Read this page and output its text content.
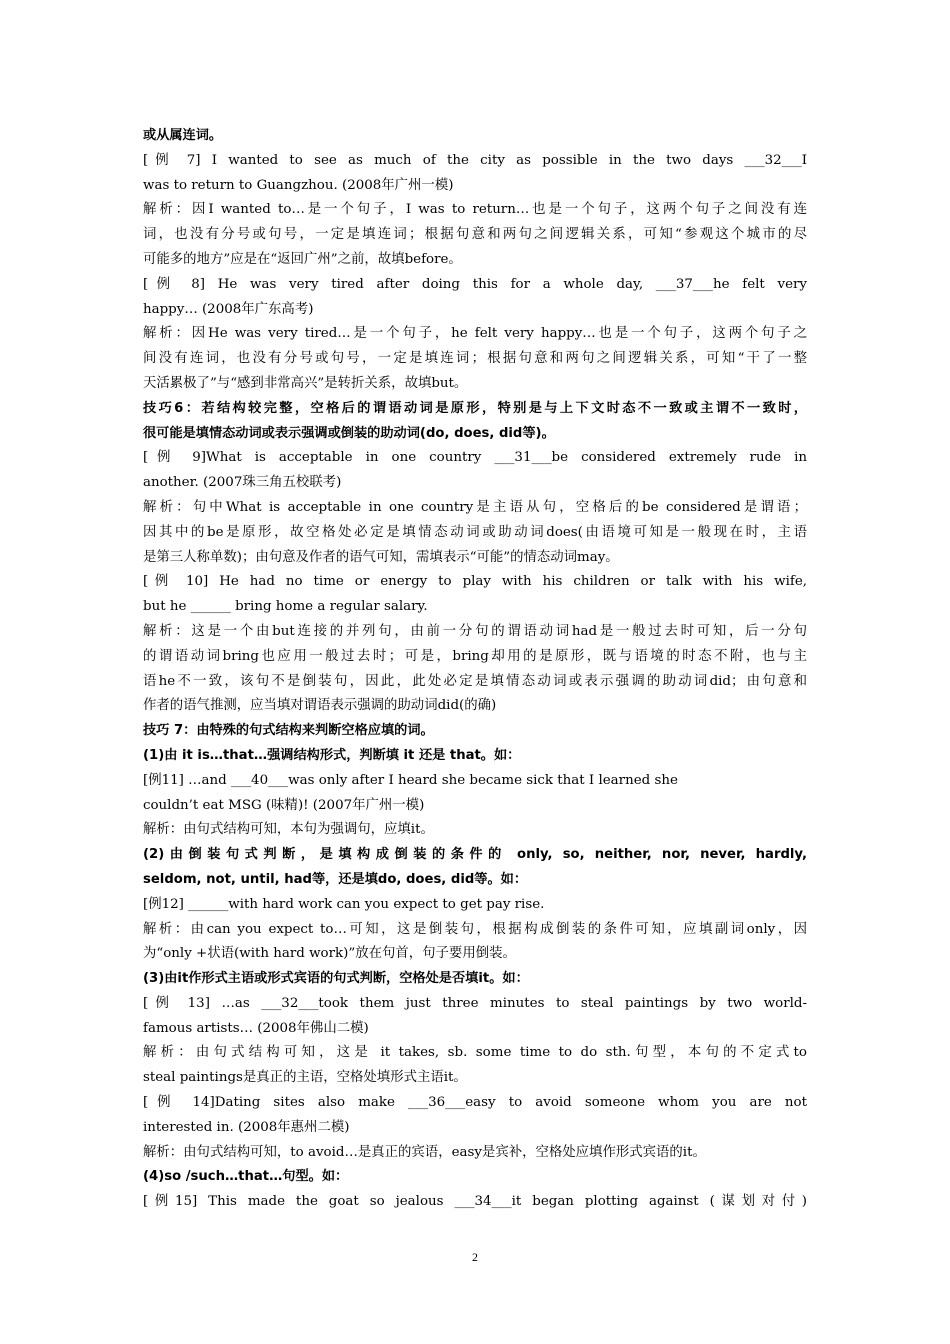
或从属连词。
[例 7] I wanted to see as much of the city as possible in the two days ___32___I
was to return to Guangzhou. (2008年广州一模)
解析：因I wanted to…是一个句子，I was to return…也是一个句子，这两个句子之间没有连
词，也没有分号或句号，一定是填连词；根据句意和两句之间逻辑关系，可知“参观这个城市的尽
可能多的地方”应是在“返回广州”之前，故填before。
[例 8] He was very tired after doing this for a whole day, ___37___he felt very
happy… (2008年广东高考)
解析：因He was very tired…是一个句子，he felt very happy…也是一个句子，这两个句子之
间没有连词，也没有分号或句号，一定是填连词；根据句意和两句之间逻辑关系，可知“干了一整
天活累极了”与“感到非常高兴”是转折关系，故填but。
技巧6：若结构较完整，空格后的谓语动词是原形，特别是与上下文时态不一致或主谓不一致时，
很可能是填情态动词或表示强调或倒装的助动词(do, does, did等)。
[例 9]What is acceptable in one country ___31___be considered extremely rude in
another. (2007珠三角五校联考)
解析：句中What is acceptable in one country是主语从句，空格后的be considered是谓语；
因其中的be是原形，故空格处必定是填情态动词或助动词does(由语境可知是一般现在时，主语
是第三人称单数)；由句意及作者的语气可知，需填表示“可能”的情态动词may。
[例 10] He had no time or energy to play with his children or talk with his wife,
but he ______ bring home a regular salary.
解析：这是一个由but连接的并列句，由前一分句的谓语动词had是一般过去时可知，后一分句
的谓语动词bring也应用一般过去时；可是，bring却用的是原形，既与语境的时态不附，也与主
语he不一致，该句不是倒装句，因此，此处必定是填情态动词或表示强调的助动词did；由句意和
作者的语气推测，应当填对谓语表示强调的助动词did(的确)
技巧 7：由特殊的句式结构来判断空格应填的词。
(1)由 it is…that…强调结构形式，判断填 it 还是 that。如：
[例11] …and ___40___was only after I heard she became sick that I learned she
couldn’t eat MSG (味精)! (2007年广州一模)
解析：由句式结构可知，本句为强调句，应填it。
(2)由倒装句式判断，是填构成倒装的条件的 only, so, neither, nor, never, hardly,
seldom, not, until, had等，还是填do, does, did等。如：
[例12] ______with hard work can you expect to get pay rise.
解析：由can you expect to…可知，这是倒装句，根据构成倒装的条件可知，应填副词only，因
为“only +状语(with hard work)”放在句首，句子要用倒装。
(3)由it作形式主语或形式宾语的句式判断，空格处是否填it。如：
[例 13] …as ___32___took them just three minutes to steal paintings by two world-
famous artists… (2008年佛山二模)
解析：由句式结构可知，这是 it takes, sb. some time to do sth.句型，本句的不定式to
steal paintings是真正的主语，空格处填形式主语it。
[例 14]Dating sites also make ___36___easy to avoid someone whom you are not
interested in. (2008年惠州二模)
解析：由句式结构可知，to avoid…是真正的宾语，easy是宾补，空格处应填作形式宾语的it。
(4)so /such…that…句型。如：
[例15] This made the goat so jealous ___34___it began plotting against (谋划对付)
2
